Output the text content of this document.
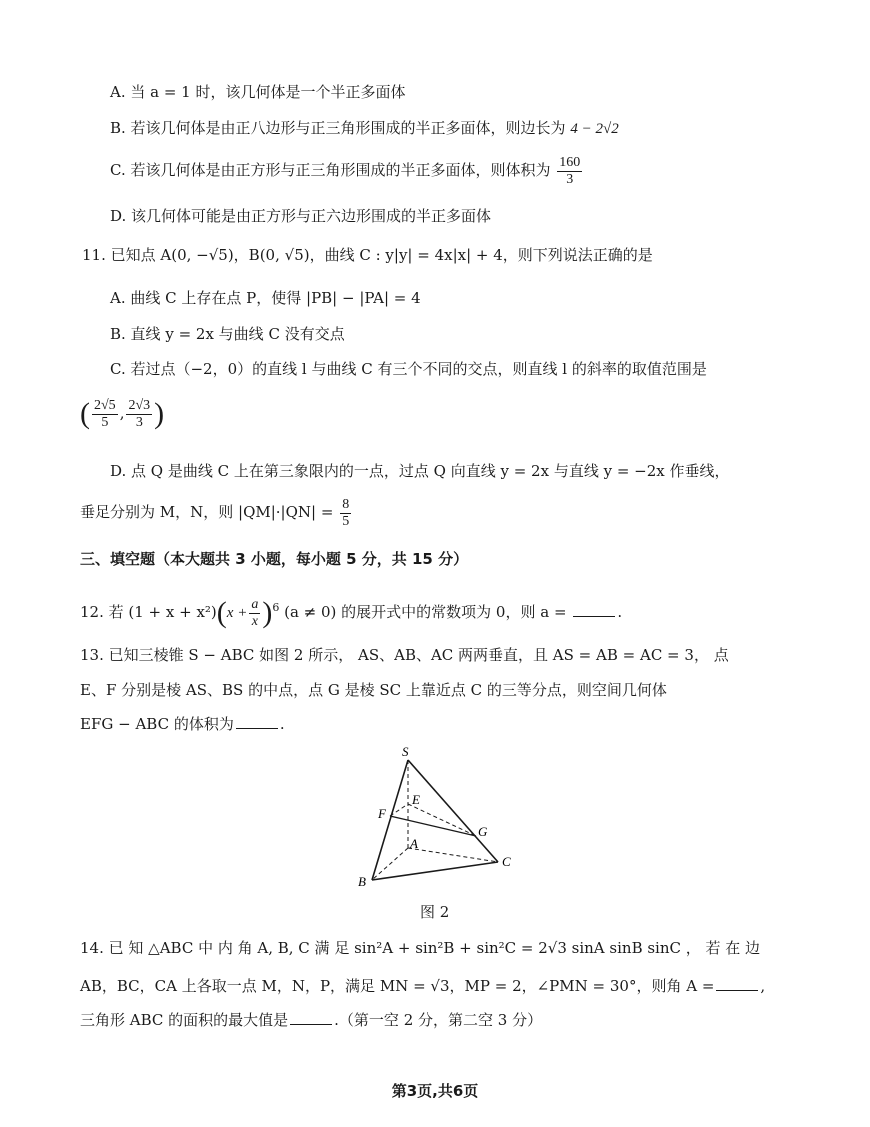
A. 当 a = 1 时，该几何体是一个半正多面体
B. 若该几何体是由正八边形与正三角形围成的半正多面体，则边长为 4 − 2√2
C. 若该几何体是由正方形与正三角形围成的半正多面体，则体积为 $\frac{160}{3}$
D. 该几何体可能是由正方形与正六边形围成的半正多面体
11. 已知点 A(0, −√5)，B(0, √5)，曲线 C : y|y| = 4x|x| + 4，则下列说法正确的是
A. 曲线 C 上存在点 P，使得 |PB| − |PA| = 4
B. 直线 y = 2x 与曲线 C 没有交点
C. 若过点（−2，0）的直线 l 与曲线 C 有三个不同的交点，则直线 l 的斜率的取值范围是
( $\frac{2√5}{5}$ , $\frac{2√3}{3}$ )
D. 点 Q 是曲线 C 上在第三象限内的一点，过点 Q 向直线 y = 2x 与直线 y = −2x 作垂线，
垂足分别为 M，N，则 $|QM|\cdot|QN| = \frac{8}{5}$
三、填空题（本大题共 3 小题，每小题 5 分，共 15 分）
12. 若 $(1 + x + x^2)(x + \frac{a}{x} )^6$ (a ≠ 0) 的展开式中的常数项为 0，则 a =	.
13. 已知三棱锥 S − ABC 如图 2 所示， AS、AB、AC 两两垂直，且 AS = AB = AC = 3， 点
E、F 分别是棱 AS、BS 的中点，点 G 是棱 SC 上靠近点 C 的三等分点，则空间几何体
EFG − ABC 的体积为	.
S
E
F
G
A
B
C
图 2
14. 已 知 △ABC 中 内 角 A, B, C 满 足 sin²A + sin²B + sin²C = 2√3 sinA sinB sinC ， 若 在 边
AB，BC，CA 上各取一点 M，N，P，满足 MN = √3，MP = 2，∠PMN = 30°，则角 A =	,
三角形 ABC 的面积的最大值是	.（第一空 2 分，第二空 3 分）
第3页,共6页
